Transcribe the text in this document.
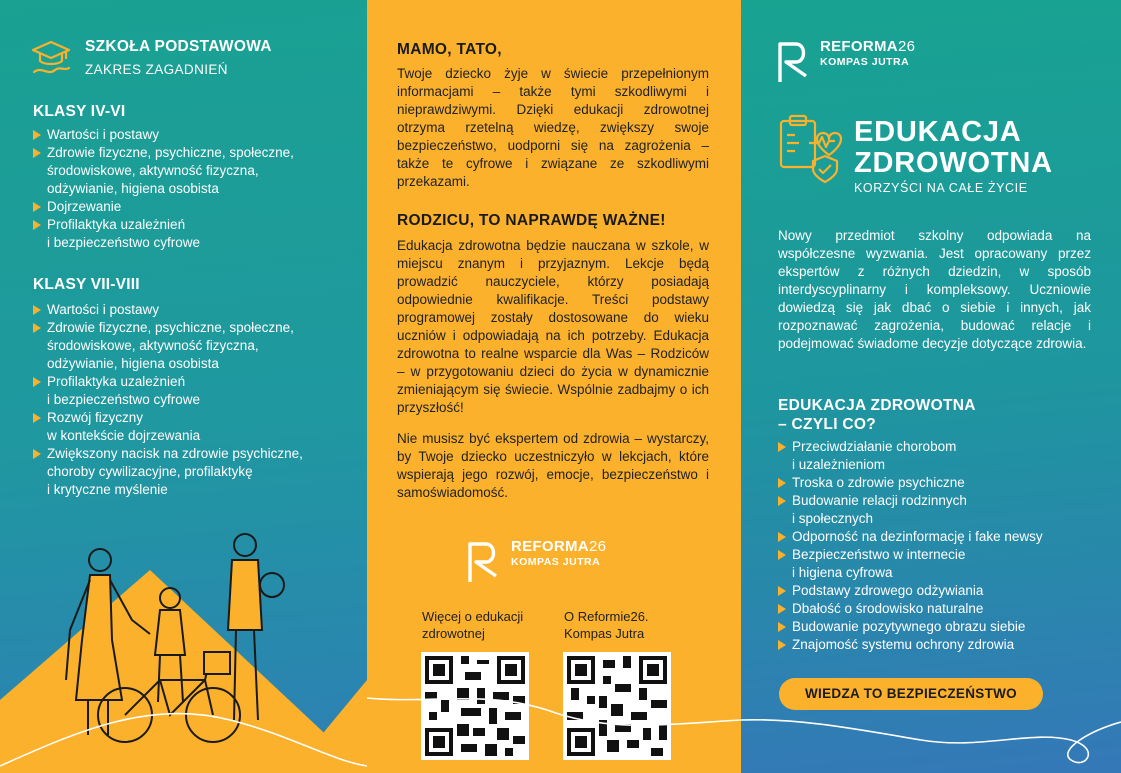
SZKOŁA PODSTAWOWA
ZAKRES ZAGADNIEŃ
KLASY IV-VI
Wartości i postawy
Zdrowie fizyczne, psychiczne, społeczne,
środowiskowe, aktywność fizyczna,
odżywianie, higiena osobista
Dojrzewanie
Profilaktyka uzależnień
i bezpieczeństwo cyfrowe
KLASY VII-VIII
Wartości i postawy
Zdrowie fizyczne, psychiczne, społeczne,
środowiskowe, aktywność fizyczna,
odżywianie, higiena osobista
Profilaktyka uzależnień
i bezpieczeństwo cyfrowe
Rozwój fizyczny
w kontekście dojrzewania
Zwiększony nacisk na zdrowie psychiczne,
choroby cywilizacyjne, profilaktykę
i krytyczne myślenie
MAMO, TATO,

Twoje dziecko żyje w świecie przepełnionym informacjami – także tymi szkodliwymi i nieprawdziwymi. Dzięki edukacji zdrowotnej otrzyma rzetelną wiedzę, zwiększy swoje bezpieczeństwo, uodporni się na zagrożenia – także te cyfrowe i związane ze szkodliwymi przekazami.

RODZICU, TO NAPRAWDĘ WAŻNE!

Edukacja zdrowotna będzie nauczana w szkole, w miejscu znanym i przyjaznym. Lekcje będą prowadzić nauczyciele, którzy posiadają odpowiednie kwalifikacje. Treści podstawy programowej zostały dostosowane do wieku uczniów i odpowiadają na ich potrzeby. Edukacja zdrowotna to realne wsparcie dla Was – Rodziców – w przygotowaniu dzieci do życia w dynamicznie zmieniającym się świecie. Wspólnie zadbajmy o ich przyszłość!

Nie musisz być ekspertem od zdrowia – wystarczy, by Twoje dziecko uczestniczyło w lekcjach, które wspierają jego rozwój, emocje, bezpieczeństwo i samoświadomość.

REFORMA26
KOMPAS JUTRA
Więcej o edukacji
zdrowotnej
O Reformie26.
Kompas Jutra
REFORMA26
KOMPAS JUTRA
EDUKACJA
ZDROWOTNA
KORZYŚCI NA CAŁE ŻYCIE

Nowy przedmiot szkolny odpowiada na współczesne wyzwania. Jest opracowany przez ekspertów z różnych dziedzin, w sposób interdyscyplinarny i kompleksowy. Uczniowie dowiedzą się jak dbać o siebie i innych, jak rozpoznawać zagrożenia, budować relacje i podejmować świadome decyzje dotyczące zdrowia.

EDUKACJA ZDROWOTNA
– CZYLI CO?
Przeciwdziałanie chorobom
i uzależnieniom
Troska o zdrowie psychiczne
Budowanie relacji rodzinnych
i społecznych
Odporność na dezinformację i fake newsy
Bezpieczeństwo w internecie
i higiena cyfrowa
Podstawy zdrowego odżywiania
Dbałość o środowisko naturalne
Budowanie pozytywnego obrazu siebie
Znajomość systemu ochrony zdrowia
WIEDZA TO BEZPIECZEŃSTWO
